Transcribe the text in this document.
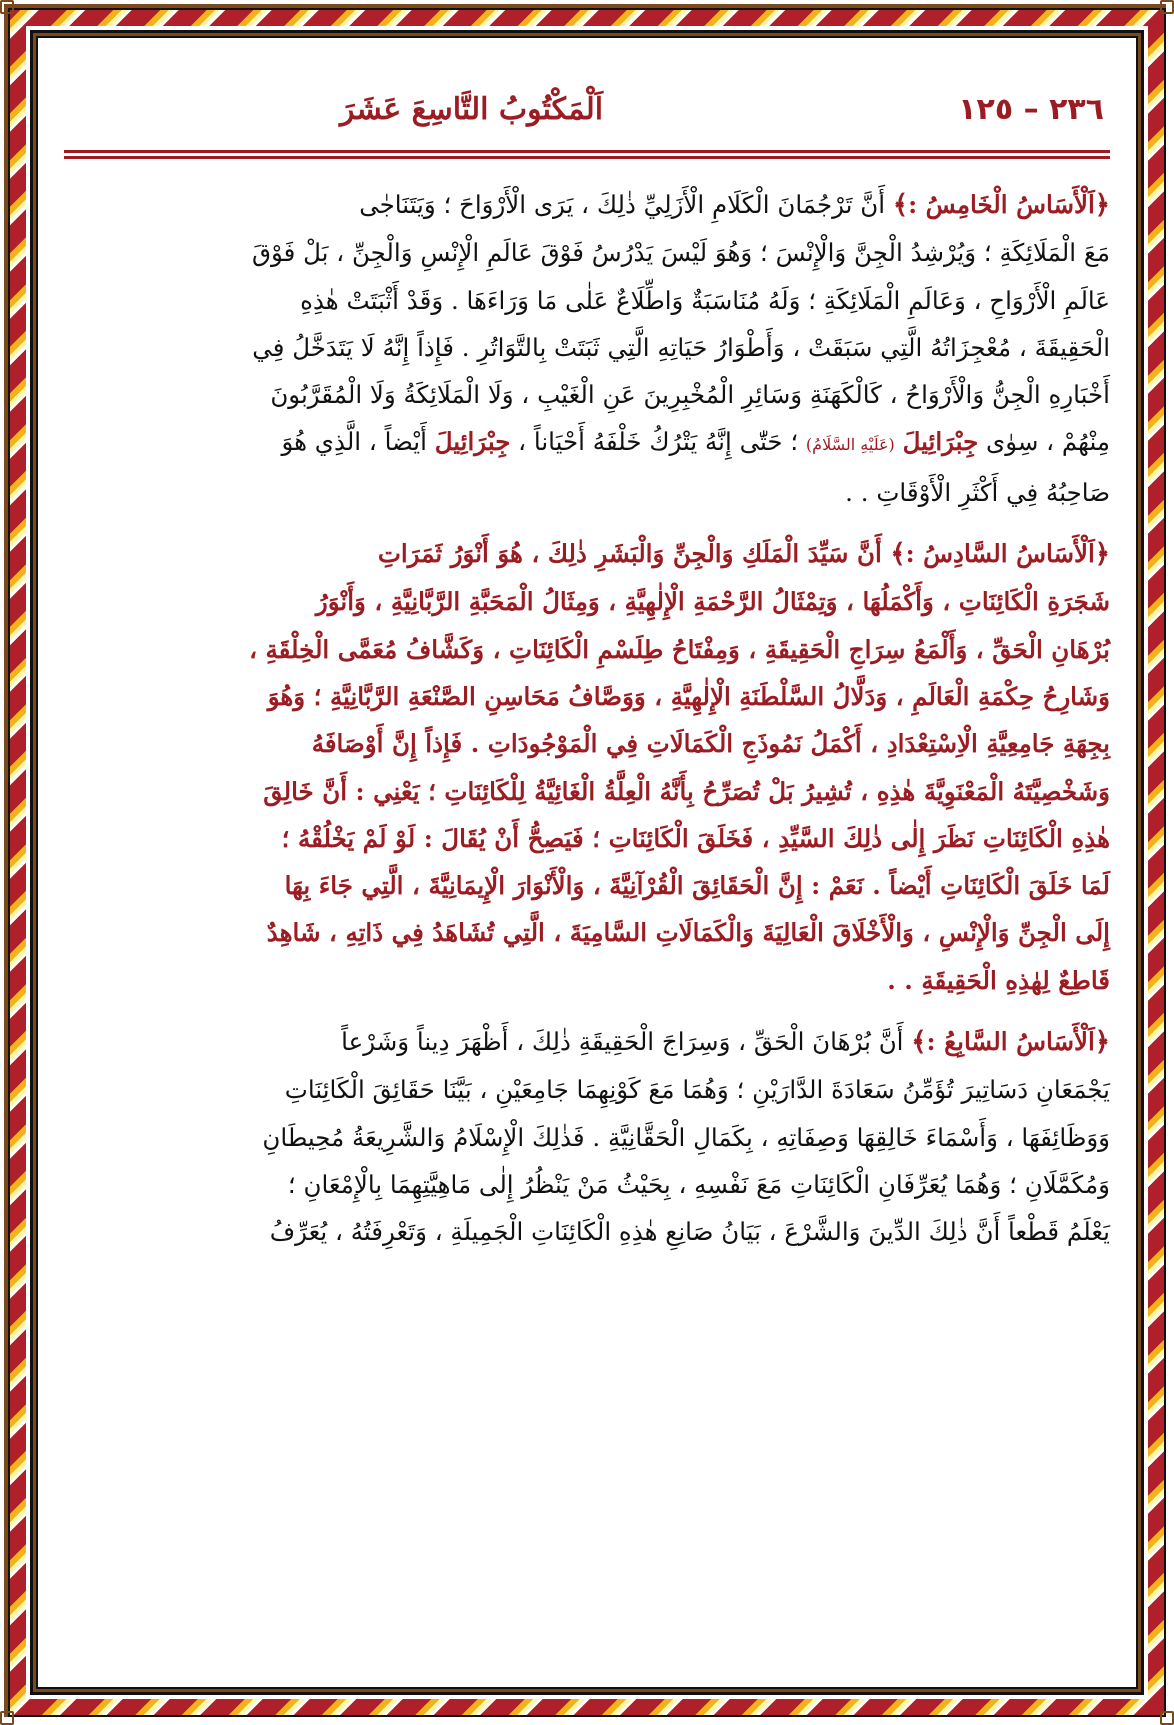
٢٣٦ – ١٢٥
اَلْمَكْتُوبُ التَّاسِعَ عَشَرَ

﴿اَلْأَسَاسُ الْخَامِسُ :﴾ أَنَّ تَرْجُمَانَ الْكَلَامِ الْأَزَلِيِّ ذٰلِكَ ، يَرَى الْأَرْوَاحَ ؛ وَيَتَنَاجٰى

مَعَ الْمَلَائِكَةِ ؛ وَيُرْشِدُ الْجِنَّ وَالْإِنْسَ ؛ وَهُوَ لَيْسَ يَدْرُسُ فَوْقَ عَالَمِ الْإِنْسِ وَالْجِنِّ ، بَلْ فَوْقَ

عَالَمِ الْأَرْوَاحِ ، وَعَالَمِ الْمَلَائِكَةِ ؛ وَلَهُ مُنَاسَبَةٌ وَاطِّلَاعٌ عَلٰى مَا وَرَاءَهَا . وَقَدْ أَثْبَتَتْ هٰذِهِ

الْحَقِيقَةَ ، مُعْجِزَاتُهُ الَّتِي سَبَقَتْ ، وَأَطْوَارُ حَيَاتِهِ الَّتِي ثَبَتَتْ بِالتَّوَاتُرِ . فَإِذاً إِنَّهُ لَا يَتَدَخَّلُ فِي

أَخْبَارِهِ الْجِنُّ وَالْأَرْوَاحُ ، كَالْكَهَنَةِ وَسَائِرِ الْمُخْبِرِينَ عَنِ الْغَيْبِ ، وَلَا الْمَلَائِكَةُ وَلَا الْمُقَرَّبُونَ

مِنْهُمْ ، سِوٰى جِبْرَائِيلَ (عَلَيْهِ السَّلَامُ) ؛ حَتّٰى إِنَّهُ يَتْرُكُ خَلْفَهُ أَحْيَاناً ، جِبْرَائِيلَ أَيْضاً ، الَّذِي هُوَ

صَاحِبُهُ فِي أَكْثَرِ الْأَوْقَاتِ . .

﴿اَلْأَسَاسُ السَّادِسُ :﴾ أَنَّ سَيِّدَ الْمَلَكِ وَالْجِنِّ وَالْبَشَرِ ذٰلِكَ ، هُوَ أَنْوَرُ ثَمَرَاتِ

شَجَرَةِ الْكَائِنَاتِ ، وَأَكْمَلُهَا ، وَتِمْثَالُ الرَّحْمَةِ الْإِلٰهِيَّةِ ، وَمِثَالُ الْمَحَبَّةِ الرَّبَّانِيَّةِ ، وَأَنْوَرُ

بُرْهَانِ الْحَقِّ ، وَأَلْمَعُ سِرَاجِ الْحَقِيقَةِ ، وَمِفْتَاحُ طِلَسْمِ الْكَائِنَاتِ ، وَكَشَّافُ مُعَمَّى الْخِلْقَةِ ،

وَشَارِحُ حِكْمَةِ الْعَالَمِ ، وَدَلَّالُ السَّلْطَنَةِ الْإِلٰهِيَّةِ ، وَوَصَّافُ مَحَاسِنِ الصَّنْعَةِ الرَّبَّانِيَّةِ ؛ وَهُوَ

بِجِهَةِ جَامِعِيَّةِ الْاِسْتِعْدَادِ ، أَكْمَلُ نَمُوذَجِ الْكَمَالَاتِ فِي الْمَوْجُودَاتِ . فَإِذاً إِنَّ أَوْصَافَهُ

وَشَخْصِيَّتَهُ الْمَعْنَوِيَّةَ هٰذِهِ ، تُشِيرُ بَلْ تُصَرِّحُ بِأَنَّهُ الْعِلَّةُ الْغَائِيَّةُ لِلْكَائِنَاتِ ؛ يَعْنِي : أَنَّ خَالِقَ

هٰذِهِ الْكَائِنَاتِ نَظَرَ إِلٰى ذٰلِكَ السَّيِّدِ ، فَخَلَقَ الْكَائِنَاتِ ؛ فَيَصِحُّ أَنْ يُقَالَ : لَوْ لَمْ يَخْلُقْهُ ؛

لَمَا خَلَقَ الْكَائِنَاتِ أَيْضاً . نَعَمْ : إِنَّ الْحَقَائِقَ الْقُرْآنِيَّةَ ، وَالْأَنْوَارَ الْإِيمَانِيَّةَ ، الَّتِي جَاءَ بِهَا

إِلَى الْجِنِّ وَالْإِنْسِ ، وَالْأَخْلَاقَ الْعَالِيَةَ وَالْكَمَالَاتِ السَّامِيَةَ ، الَّتِي تُشَاهَدُ فِي ذَاتِهِ ، شَاهِدٌ

قَاطِعٌ لِهٰذِهِ الْحَقِيقَةِ . .

﴿اَلْأَسَاسُ السَّابِعُ :﴾ أَنَّ بُرْهَانَ الْحَقِّ ، وَسِرَاجَ الْحَقِيقَةِ ذٰلِكَ ، أَظْهَرَ دِيناً وَشَرْعاً

يَجْمَعَانِ دَسَاتِيرَ تُؤَمِّنُ سَعَادَةَ الدَّارَيْنِ ؛ وَهُمَا مَعَ كَوْنِهِمَا جَامِعَيْنِ ، بَيَّنَا حَقَائِقَ الْكَائِنَاتِ

وَوَظَائِفَهَا ، وَأَسْمَاءَ خَالِقِهَا وَصِفَاتِهِ ، بِكَمَالِ الْحَقَّانِيَّةِ . فَذٰلِكَ الْإِسْلَامُ وَالشَّرِيعَةُ مُحِيطَانِ

وَمُكَمَّلَانِ ؛ وَهُمَا يُعَرِّفَانِ الْكَائِنَاتِ مَعَ نَفْسِهِ ، بِحَيْثُ مَنْ يَنْظُرُ إِلٰى مَاهِيَّتِهِمَا بِالْإِمْعَانِ ؛

يَعْلَمُ قَطْعاً أَنَّ ذٰلِكَ الدِّينَ وَالشَّرْعَ ، بَيَانُ صَانِعِ هٰذِهِ الْكَائِنَاتِ الْجَمِيلَةِ ، وَتَعْرِفَتُهُ ، يُعَرِّفُ
